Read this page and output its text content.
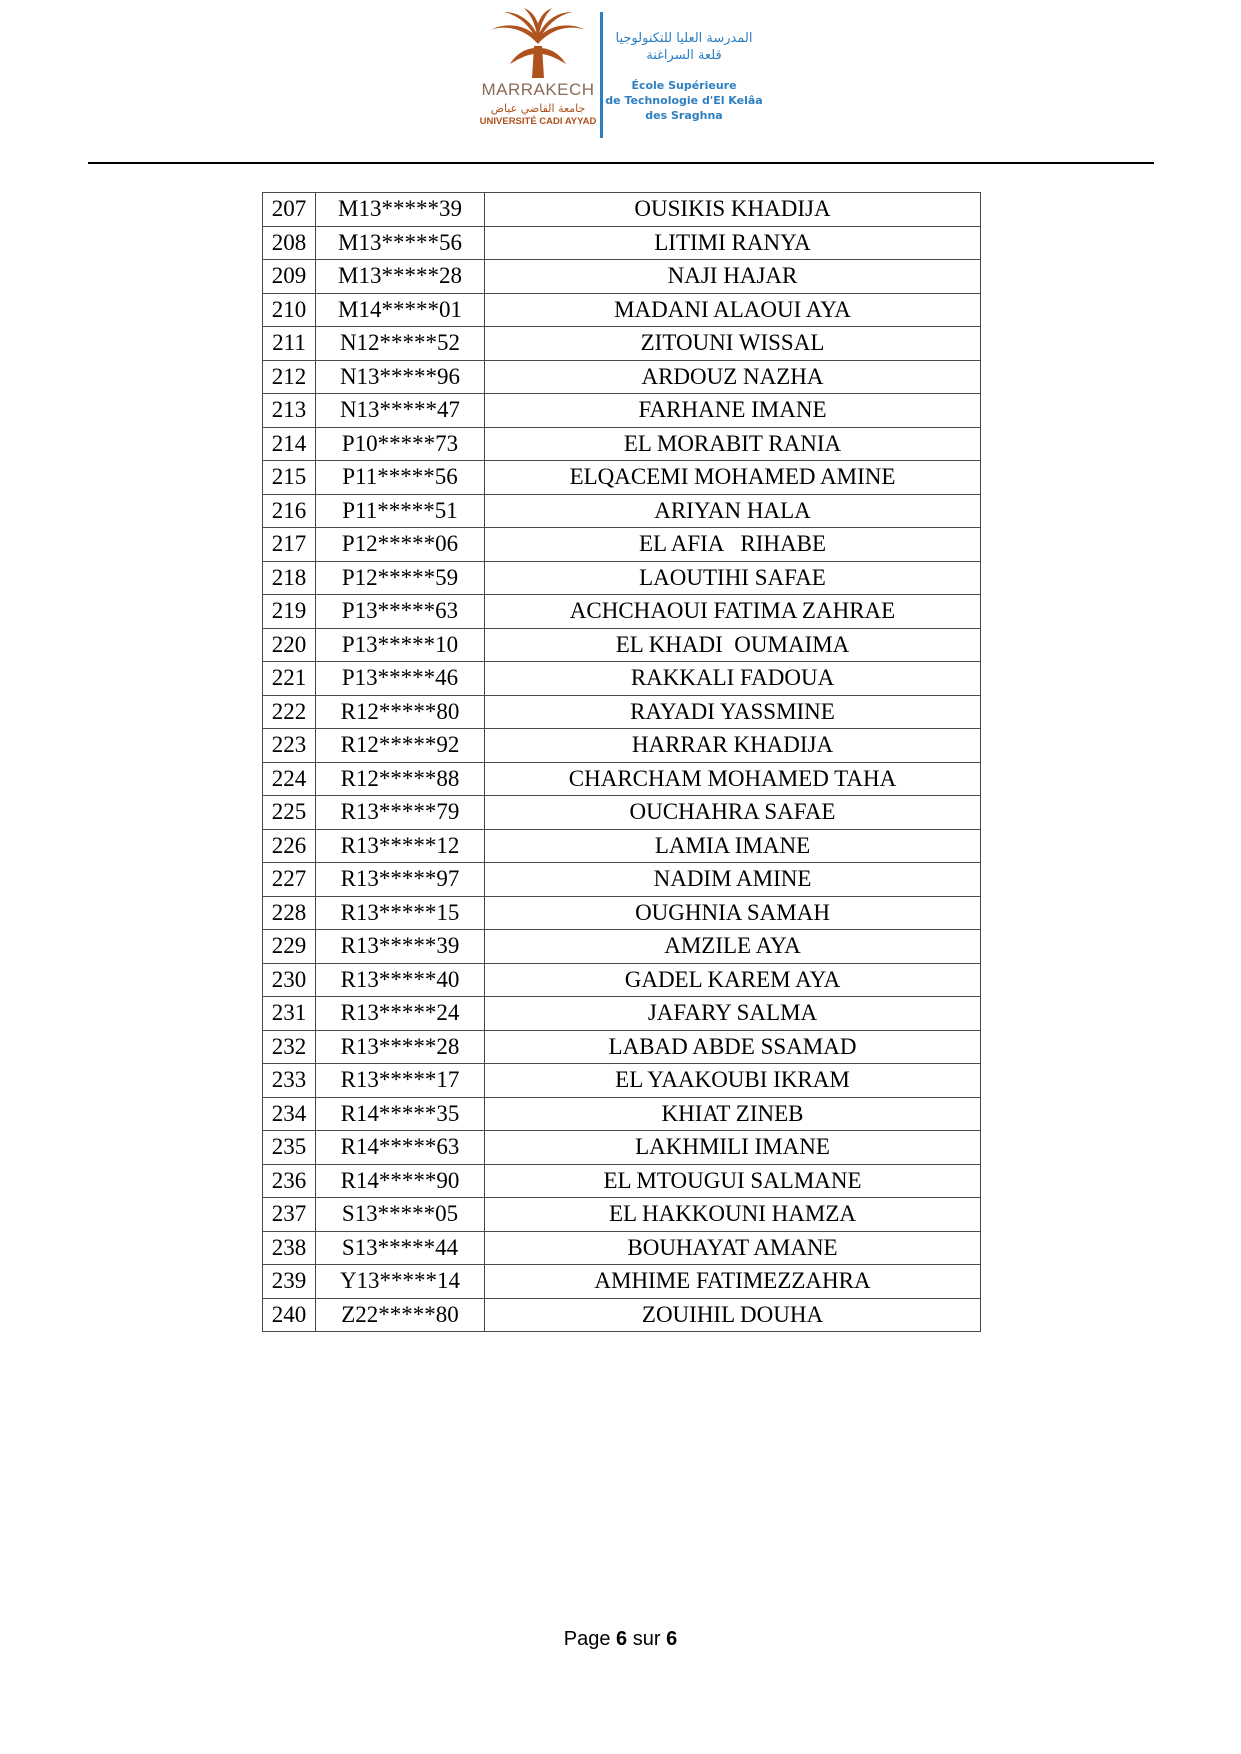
MARRAKECH
جامعة القاضي عياض
UNIVERSITÉ CADI AYYAD
المدرسة العليا للتكنولوجيا
قلعة السراغنة
École Supérieure
de Technologie d'El Kelâa
des Sraghna
207	M13*****39	OUSIKIS KHADIJA
208	M13*****56	LITIMI RANYA
209	M13*****28	NAJI HAJAR
210	M14*****01	MADANI ALAOUI AYA
211	N12*****52	ZITOUNI WISSAL
212	N13*****96	ARDOUZ NAZHA
213	N13*****47	FARHANE IMANE
214	P10*****73	EL MORABIT RANIA
215	P11*****56	ELQACEMI MOHAMED AMINE
216	P11*****51	ARIYAN HALA
217	P12*****06	EL AFIA   RIHABE
218	P12*****59	LAOUTIHI SAFAE
219	P13*****63	ACHCHAOUI FATIMA ZAHRAE
220	P13*****10	EL KHADI  OUMAIMA
221	P13*****46	RAKKALI FADOUA
222	R12*****80	RAYADI YASSMINE
223	R12*****92	HARRAR KHADIJA
224	R12*****88	CHARCHAM MOHAMED TAHA
225	R13*****79	OUCHAHRA SAFAE
226	R13*****12	LAMIA IMANE
227	R13*****97	NADIM AMINE
228	R13*****15	OUGHNIA SAMAH
229	R13*****39	AMZILE AYA
230	R13*****40	GADEL KAREM AYA
231	R13*****24	JAFARY SALMA
232	R13*****28	LABAD ABDE SSAMAD
233	R13*****17	EL YAAKOUBI IKRAM
234	R14*****35	KHIAT ZINEB
235	R14*****63	LAKHMILI IMANE
236	R14*****90	EL MTOUGUI SALMANE
237	S13*****05	EL HAKKOUNI HAMZA
238	S13*****44	BOUHAYAT AMANE
239	Y13*****14	AMHIME FATIMEZZAHRA
240	Z22*****80	ZOUIHIL DOUHA
Page 6 sur 6
